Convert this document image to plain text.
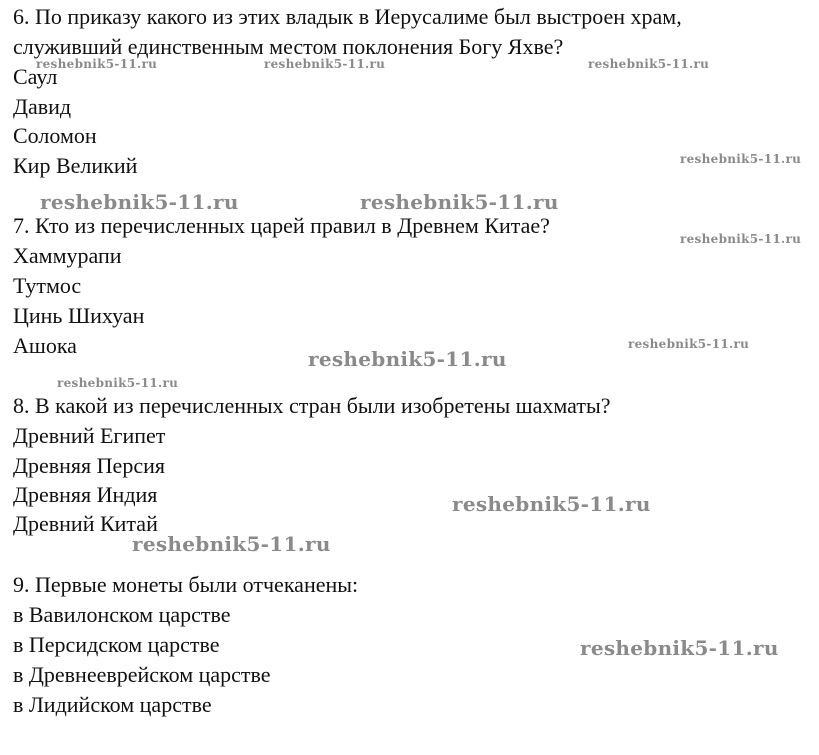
6. По приказу какого из этих владык в Иерусалиме был выстроен храм,
служивший единственным местом поклонения Богу Яхве?
Саул
Давид
Соломон
Кир Великий
7. Кто из перечисленных царей правил в Древнем Китае?
Хаммурапи
Тутмос
Цинь Шихуан
Ашока
8. В какой из перечисленных стран были изобретены шахматы?
Древний Египет
Древняя Персия
Древняя Индия
Древний Китай
9. Первые монеты были отчеканены:
в Вавилонском царстве
в Персидском царстве
в Древнееврейском царстве
в Лидийском царстве
reshebnik5-11.ru	reshebnik5-11.ru	reshebnik5-11.ru
reshebnik5-11.ru
reshebnik5-11.ru	reshebnik5-11.ru
reshebnik5-11.ru
reshebnik5-11.ru
reshebnik5-11.ru
reshebnik5-11.ru
reshebnik5-11.ru
reshebnik5-11.ru
reshebnik5-11.ru
